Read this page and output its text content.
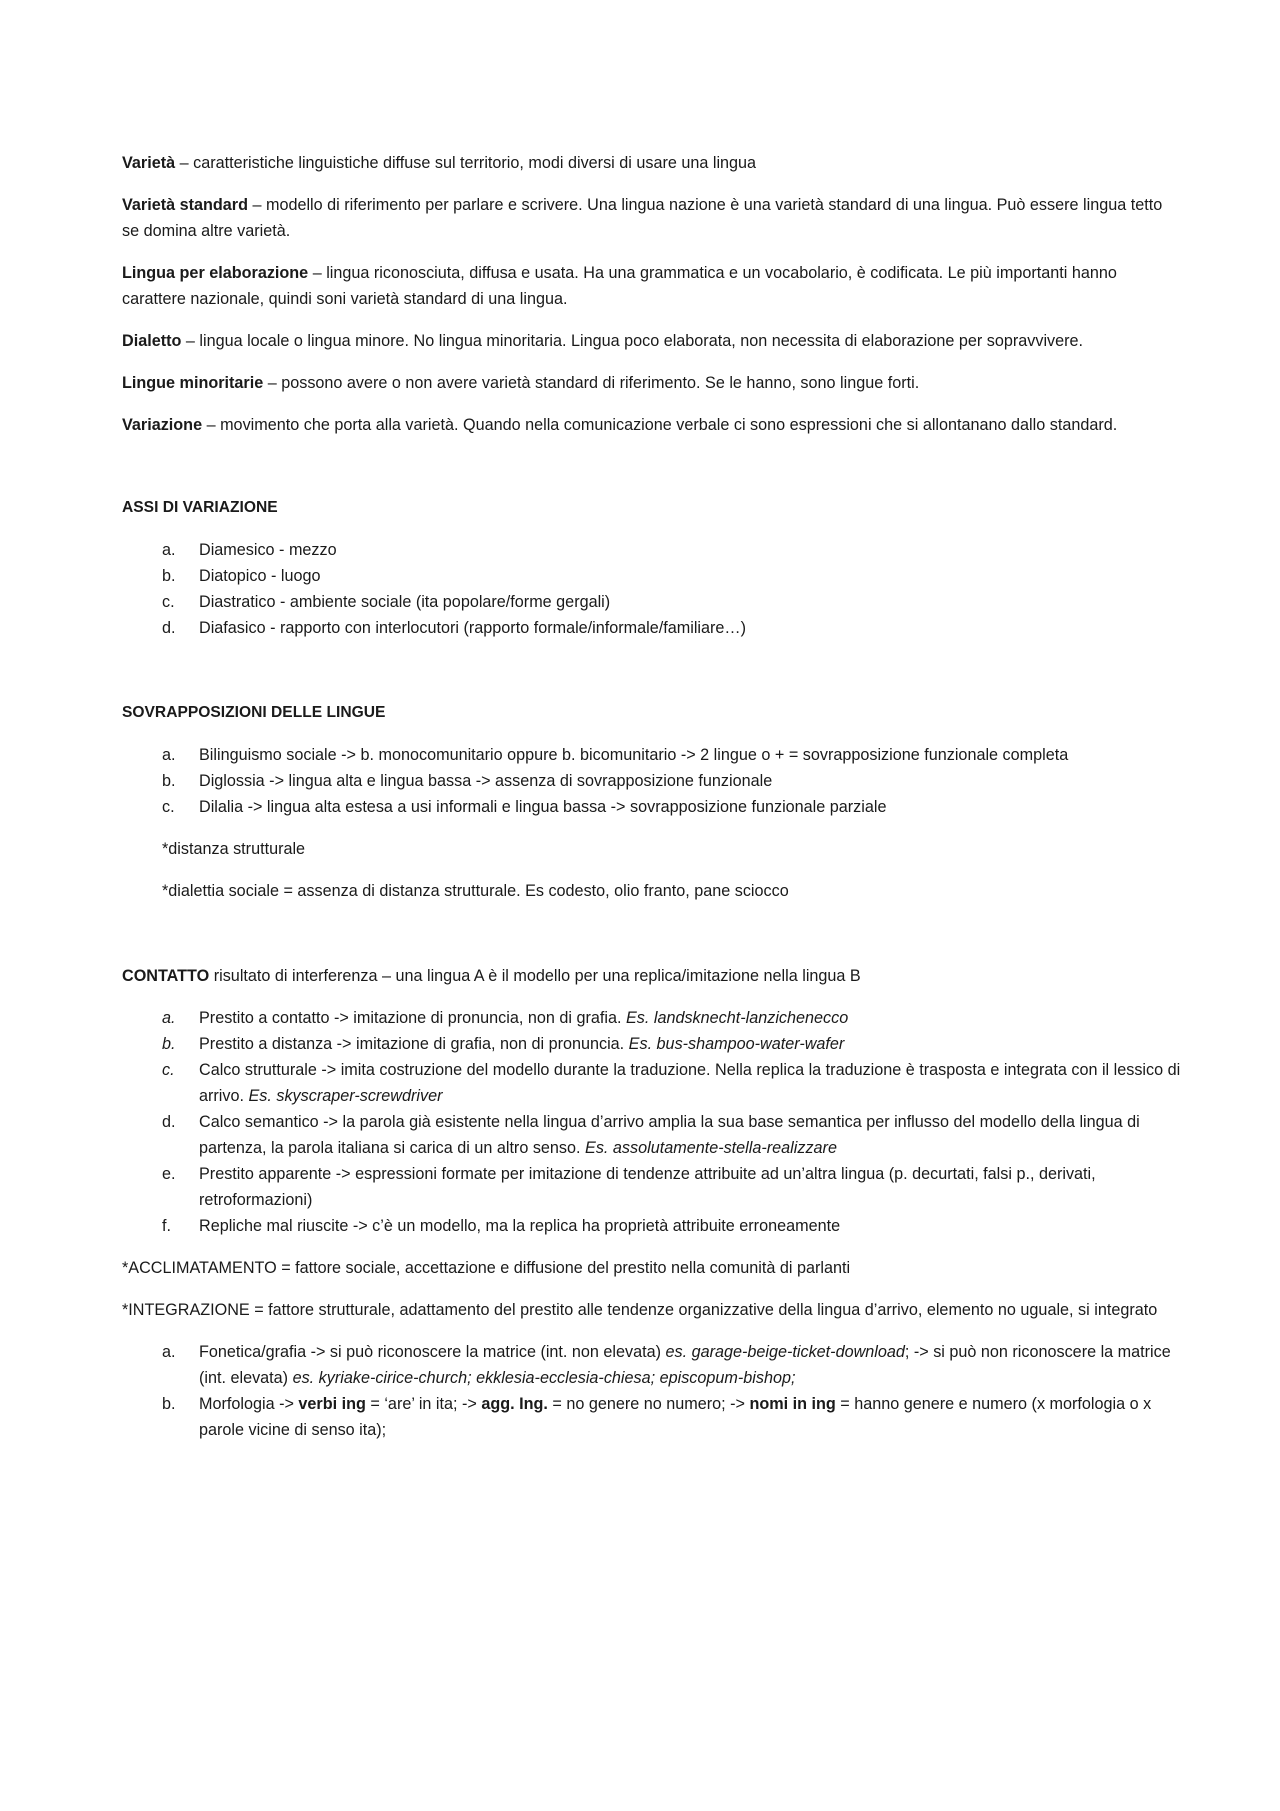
Varietà – caratteristiche linguistiche diffuse sul territorio, modi diversi di usare una lingua

Varietà standard – modello di riferimento per parlare e scrivere. Una lingua nazione è una varietà standard di una lingua. Può essere lingua tetto se domina altre varietà.

Lingua per elaborazione – lingua riconosciuta, diffusa e usata. Ha una grammatica e un vocabolario, è codificata. Le più importanti hanno carattere nazionale, quindi soni varietà standard di una lingua.

Dialetto – lingua locale o lingua minore. No lingua minoritaria. Lingua poco elaborata, non necessita di elaborazione per sopravvivere.

Lingue minoritarie – possono avere o non avere varietà standard di riferimento. Se le hanno, sono lingue forti.

Variazione – movimento che porta alla varietà. Quando nella comunicazione verbale ci sono espressioni che si allontanano dallo standard.

ASSI DI VARIAZIONE

a. Diamesico - mezzo
b. Diatopico - luogo
c. Diastratico - ambiente sociale (ita popolare/forme gergali)
d. Diafasico - rapporto con interlocutori (rapporto formale/informale/familiare…)

SOVRAPPOSIZIONI DELLE LINGUE

a. Bilinguismo sociale -> b. monocomunitario oppure b. bicomunitario -> 2 lingue o + = sovrapposizione funzionale completa
b. Diglossia -> lingua alta e lingua bassa -> assenza di sovrapposizione funzionale
c. Dilalia -> lingua alta estesa a usi informali e lingua bassa -> sovrapposizione funzionale parziale

*distanza strutturale

*dialettia sociale = assenza di distanza strutturale. Es codesto, olio franto, pane sciocco

CONTATTO risultato di interferenza – una lingua A è il modello per una replica/imitazione nella lingua B

a. Prestito a contatto -> imitazione di pronuncia, non di grafia. Es. landsknecht-lanzichenecco
b. Prestito a distanza -> imitazione di grafia, non di pronuncia. Es. bus-shampoo-water-wafer
c. Calco strutturale -> imita costruzione del modello durante la traduzione. Nella replica la traduzione è trasposta e integrata con il lessico di arrivo. Es. skyscraper-screwdriver
d. Calco semantico -> la parola già esistente nella lingua d’arrivo amplia la sua base semantica per influsso del modello della lingua di partenza, la parola italiana si carica di un altro senso. Es. assolutamente-stella-realizzare
e. Prestito apparente -> espressioni formate per imitazione di tendenze attribuite ad un’altra lingua (p. decurtati, falsi p., derivati, retroformazioni)
f. Repliche mal riuscite -> c’è un modello, ma la replica ha proprietà attribuite erroneamente

*ACCLIMATAMENTO = fattore sociale, accettazione e diffusione del prestito nella comunità di parlanti

*INTEGRAZIONE = fattore strutturale, adattamento del prestito alle tendenze organizzative della lingua d’arrivo, elemento no uguale, si integrato

a. Fonetica/grafia -> si può riconoscere la matrice (int. non elevata) es. garage-beige-ticket-download; -> si può non riconoscere la matrice (int. elevata) es. kyriake-cirice-church; ekklesia-ecclesia-chiesa; episcopum-bishop;
b. Morfologia -> verbi ing = ‘are’ in ita; -> agg. Ing. = no genere no numero; -> nomi in ing = hanno genere e numero (x morfologia o x parole vicine di senso ita);
